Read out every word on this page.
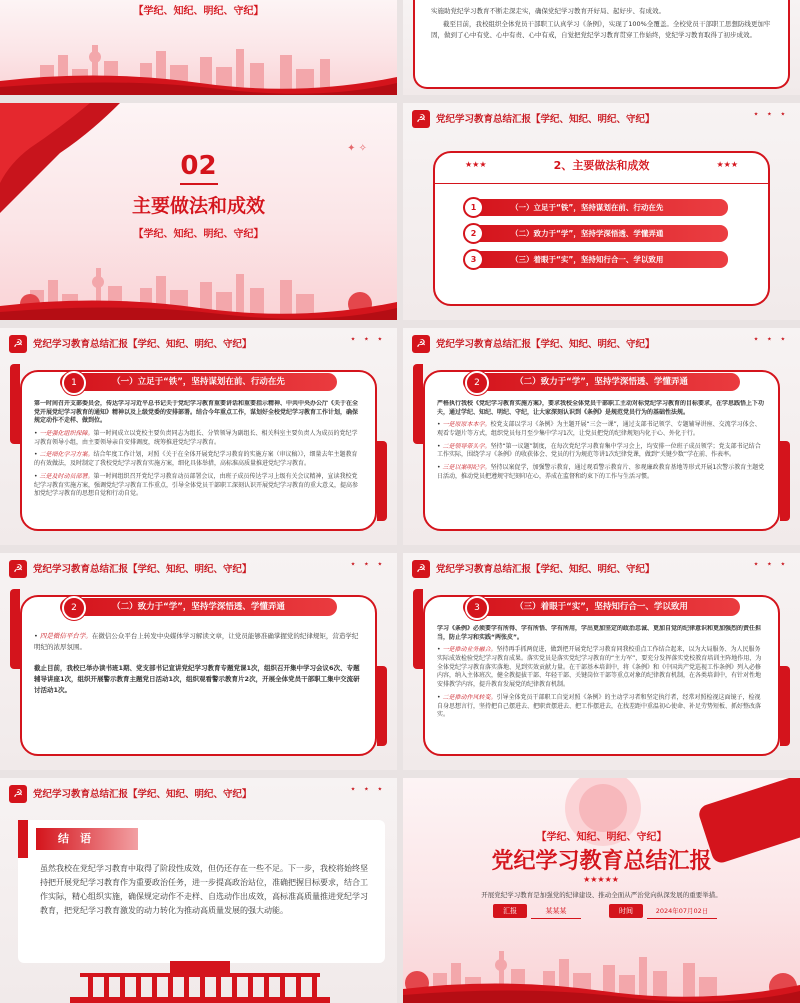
【学纪、知纪、明纪、守纪】	实施助党纪学习教育不断走深走实，确保党纪学习教育开好局、起好步、有成效。

截至目前，我校组织全体党员干部职工认真学习《条例》，实现了100%全覆盖。全校党员干部职工思想防线更加牢固，做到了心中有党、心中有责、心中有戒，自觉把党纪学习教育贯穿工作始终，党纪学习教育取得了初步成效。

✦ ✧
02
主要做法和成效
【学纪、知纪、明纪、守纪】
☭	党纪学习教育总结汇报【学纪、知纪、明纪、守纪】	⋆ ⋆ ⋆
★★★	★★★
2、主要做法和成效
1	（一）立足于“铁”，坚持谋划在前、行动在先
2	（二）致力于“学”，坚持学深悟透、学懂弄通
3	（三）着眼于“实”，坚持知行合一、学以致用
☭	党纪学习教育总结汇报【学纪、知纪、明纪、守纪】	⋆ ⋆ ⋆
（一）立足于“铁”，坚持谋划在前、行动在先
1

第一时间召开支部委员会，传达学习习近平总书记关于党纪学习教育重要讲话和重要指示精神、中共中央办公厅《关于在全党开展党纪学习教育的通知》精神以及上级党委的安排部署。结合今年重点工作，谋划好全校党纪学习教育工作计划，确保规定动作不走样、做到位。

• 一是强化组织保障。第一时间成立以党校主要负责同志为组长、分管领导为副组长、相关科室主要负责人为成员的党纪学习教育领导小组，由主要领导亲自安排调度，统筹推进党纪学习教育。

• 二是细化学习方案。结合年度工作计划，对照《关于在全体开展党纪学习教育的实施方案（审议稿）》，细量去年主题教育的有效做法，及时制定了我校党纪学习教育实施方案，细化具体举措，高标准高质量推进党纪学习教育。

• 三是及时动员部署。第一时间组织召开党纪学习教育动员部署会议，由班子成员传达学习上级有关会议精神，宣读我校党纪学习教育实施方案，强调党纪学习教育工作重点，引导全体党员干部职工深刻认识开展党纪学习教育的重大意义，提高参加党纪学习教育的思想自觉和行动自觉。

☭	党纪学习教育总结汇报【学纪、知纪、明纪、守纪】	⋆ ⋆ ⋆
（二）致力于“学”，坚持学深悟透、学懂弄通
2

严格执行我校《党纪学习教育实施方案》，要求我校全体党员干部职工主动对标党纪学习教育的目标要求，在学思践悟上下功夫，通过学纪、知纪、明纪、守纪，让大家深刻认识到《条例》是规范党员行为的基础性法规。

• 一是原原本本学。校党支部以学习《条例》为主题开展“三会一课”，通过支部书记领学、专题辅导讲座、交流学习体会、观看专题片等方式，组织党员每月至少集中学习1次，让党员把党的纪律规矩内化于心、外化于行。

• 二是领导带头学。坚持“第一议题”制度，在每次党纪学习教育集中学习会上，均安排一位班子成员领学；党支部书记结合工作实际，围绕学习《条例》的收获体会、党员的行为规范等讲1次纪律党课，做到“关键少数”学在前、作表率。

• 三是以案明纪学。坚持以案促学，加强警示教育，通过观看警示教育片、参观廉政教育基地等形式开展1次警示教育主题党日活动，推动党员把遵规守纪刻印在心，养成在监督和约束下的工作与生活习惯。

☭	党纪学习教育总结汇报【学纪、知纪、明纪、守纪】	⋆ ⋆ ⋆
（二）致力于“学”，坚持学深悟透、学懂弄通
2

• 四是微信平台学。在微信公众平台上转发中央媒体学习解读文章，让党员能够准确掌握党的纪律规矩，营造学纪明纪的浓厚氛围。

截止目前，我校已举办读书班1期、党支部书记宣讲党纪学习教育专题党课1次，组织召开集中学习会议6次、专题辅导讲座1次，组织开展警示教育主题党日活动1次，组织观看警示教育片2次，开展全体党员干部职工集中交流研讨活动1次。

☭	党纪学习教育总结汇报【学纪、知纪、明纪、守纪】	⋆ ⋆ ⋆
（三）着眼于“实”，坚持知行合一、学以致用
3

学习《条例》必须要学有所得、学有所悟、学有所用，学出更加坚定的政治忠诚、更加自觉的纪律意识和更加强烈的责任担当，防止学习和实践“两张皮”。

• 一是推动业务融合。坚持再手抓两促进，做到把开展党纪学习教育同我校重点工作结合起来，以为大局服务、为人民服务实际成效检验党纪学习教育成果。落实党员是落实党纪学习教育的“主力军”，要充分发挥落实党校教育培训主阵地作用，为全体党纪学习教育落实落地、见到实效贡献力量。在干部基本培训中，将《条例》和《中国共产党巡视工作条例》列入必修内容，纳入主体班次，健全教提拔干部、年轻干部、关键岗位干部等重点对象的纪律教育机制，在各类培训中，有针对性地安排教学内容，提升教育发展党的纪律教育机制。

• 二是推动作风转变。引导全体党员干部职工自觉对照《条例》的主动学习者和坚定执行者，经常对照检视这面镜子，检视自身思想言行，坚持把自己摆进去、把职责摆进去、把工作摆进去，在找差距中重温初心使命、补足劳势短板、抓好整改落实。

☭	党纪学习教育总结汇报【学纪、知纪、明纪、守纪】	⋆ ⋆ ⋆
结　语
虽然我校在党纪学习教育中取得了阶段性成效，但仍还存在一些不足。下一步，我校将始终坚持把开展党纪学习教育作为重要政治任务，进一步提高政治站位，准确把握目标要求，结合工作实际，精心组织实施，确保规定动作不走样、自选动作出成效，高标准高质量推进党纪学习教育，把党纪学习教育激发的动力转化为推动高质量发展的强大动能。
【学纪、知纪、明纪、守纪】
党纪学习教育总结汇报
★★★★★
开展党纪学习教育是加强党的纪律建设、推动全面从严治党向纵深发展的重要举措。
汇报	某某某	时间	2024年07月02日
